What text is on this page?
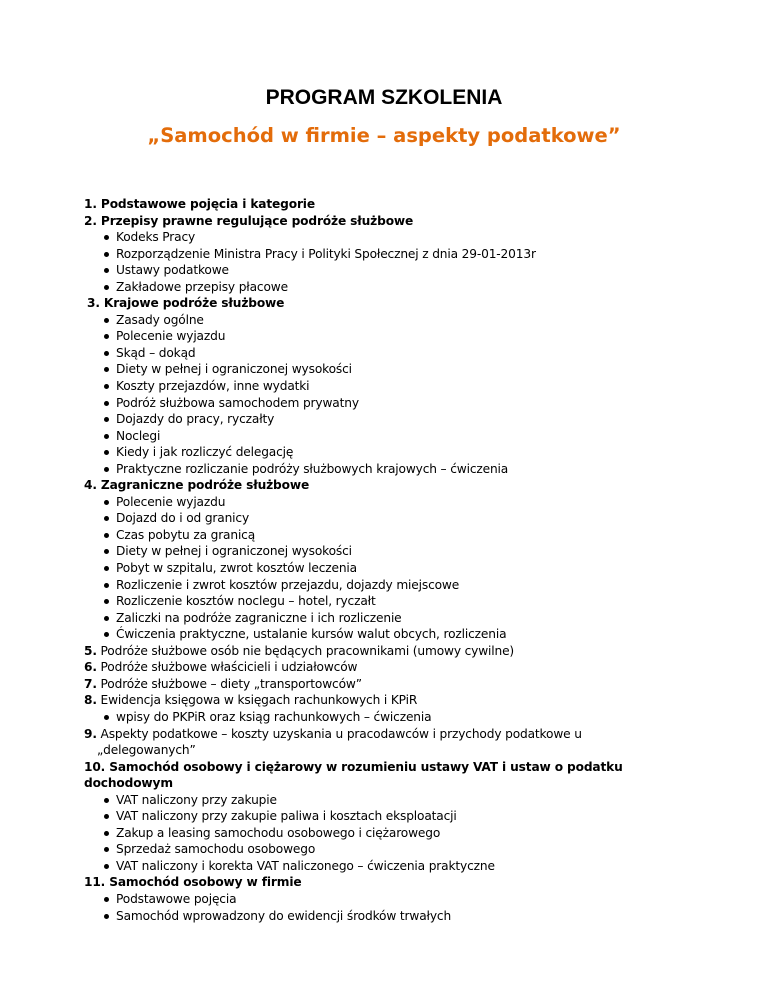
PROGRAM SZKOLENIA
„Samochód w firmie – aspekty podatkowe”
1. Podstawowe pojęcia i kategorie
2. Przepisy prawne regulujące podróże służbowe
Kodeks Pracy
Rozporządzenie Ministra Pracy i Polityki Społecznej z dnia 29-01-2013r
Ustawy podatkowe
Zakładowe przepisy płacowe
3. Krajowe podróże służbowe
Zasady ogólne
Polecenie wyjazdu
Skąd – dokąd
Diety w pełnej i ograniczonej wysokości
Koszty przejazdów, inne wydatki
Podróż służbowa samochodem prywatny
Dojazdy do pracy, ryczałty
Noclegi
Kiedy i jak rozliczyć delegację
Praktyczne rozliczanie podróży służbowych krajowych – ćwiczenia
4. Zagraniczne podróże służbowe
Polecenie wyjazdu
Dojazd do i od granicy
Czas pobytu za granicą
Diety w pełnej i ograniczonej wysokości
Pobyt w szpitalu, zwrot kosztów leczenia
Rozliczenie i zwrot kosztów przejazdu, dojazdy miejscowe
Rozliczenie kosztów noclegu – hotel, ryczałt
Zaliczki na podróże zagraniczne i ich rozliczenie
Ćwiczenia praktyczne, ustalanie kursów walut obcych, rozliczenia
5. Podróże służbowe osób nie będących pracownikami (umowy cywilne)
6. Podróże służbowe właścicieli i udziałowców
7. Podróże służbowe – diety „transportowców”
8. Ewidencja księgowa w księgach rachunkowych i KPiR
wpisy do PKPiR oraz ksiąg rachunkowych – ćwiczenia
9. Aspekty podatkowe – koszty uzyskania u pracodawców i przychody podatkowe u
„delegowanych”
10. Samochód osobowy i ciężarowy w rozumieniu ustawy VAT i ustaw o podatku
dochodowym
VAT naliczony przy zakupie
VAT naliczony przy zakupie paliwa i kosztach eksploatacji
Zakup a leasing samochodu osobowego i ciężarowego
Sprzedaż samochodu osobowego
VAT naliczony i korekta VAT naliczonego – ćwiczenia praktyczne
11. Samochód osobowy w firmie
Podstawowe pojęcia
Samochód wprowadzony do ewidencji środków trwałych
